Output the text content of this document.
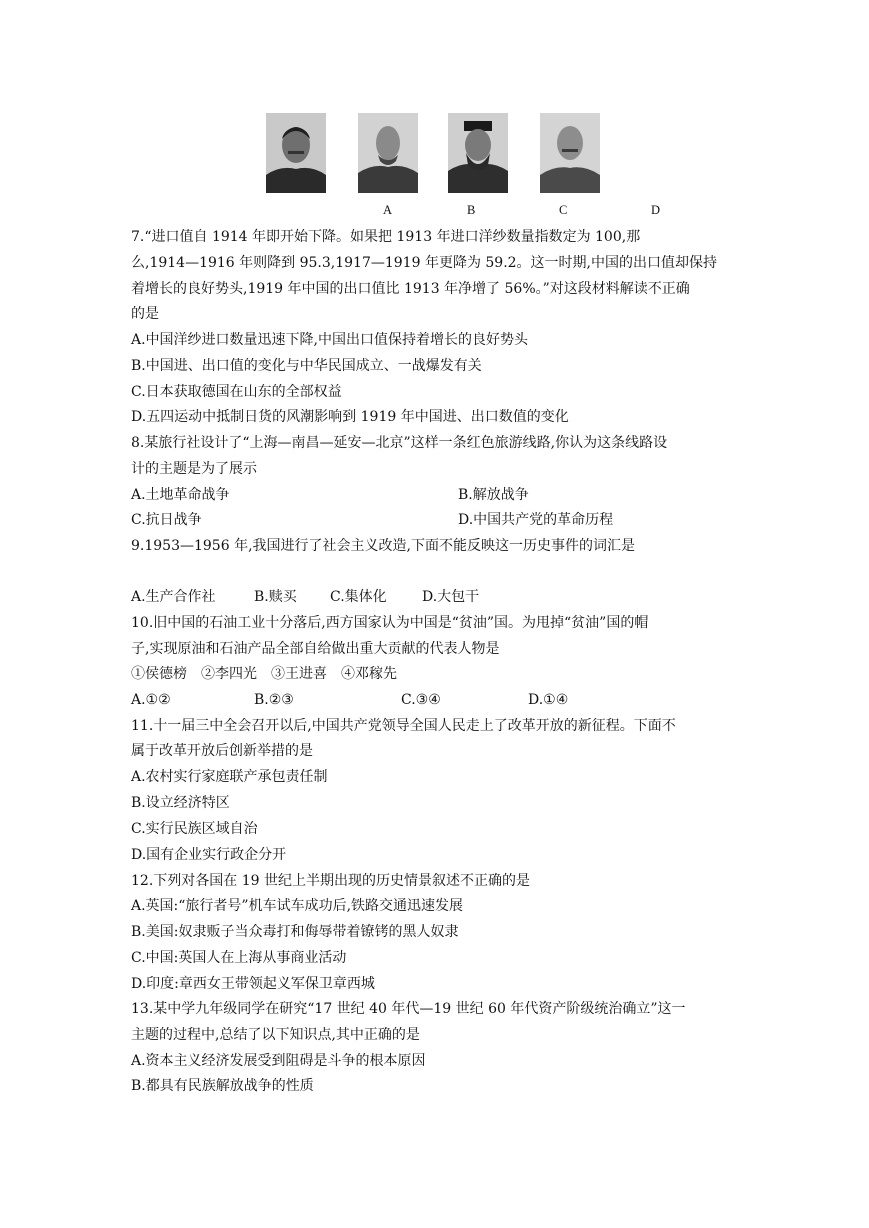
A	B	C	D
7.“进口值自 1914 年即开始下降。如果把 1913 年进口洋纱数量指数定为 100,那
么,1914—1916 年则降到 95.3,1917—1919 年更降为 59.2。这一时期,中国的出口值却保持
着增长的良好势头,1919 年中国的出口值比 1913 年净增了 56%。”对这段材料解读不正确
的是
A.中国洋纱进口数量迅速下降,中国出口值保持着增长的良好势头
B.中国进、出口值的变化与中华民国成立、一战爆发有关
C.日本获取德国在山东的全部权益
D.五四运动中抵制日货的风潮影响到 1919 年中国进、出口数值的变化
8.某旅行社设计了“上海—南昌—延安—北京”这样一条红色旅游线路,你认为这条线路设
计的主题是为了展示
A.土地革命战争	B.解放战争
C.抗日战争	D.中国共产党的革命历程
9.1953—1956 年,我国进行了社会主义改造,下面不能反映这一历史事件的词汇是
A.生产合作社	B.赎买 C.集体化	D.大包干
10.旧中国的石油工业十分落后,西方国家认为中国是“贫油”国。为甩掉“贫油”国的帽
子,实现原油和石油产品全部自给做出重大贡献的代表人物是
①侯德榜　②李四光　③王进喜　④邓稼先
A.①②	B.②③	C.③④	D.①④
11.十一届三中全会召开以后,中国共产党领导全国人民走上了改革开放的新征程。下面不
属于改革开放后创新举措的是
A.农村实行家庭联产承包责任制
B.设立经济特区
C.实行民族区域自治
D.国有企业实行政企分开
12.下列对各国在 19 世纪上半期出现的历史情景叙述不正确的是
A.英国:“旅行者号”机车试车成功后,铁路交通迅速发展
B.美国:奴隶贩子当众毒打和侮辱带着镣铐的黑人奴隶
C.中国:英国人在上海从事商业活动
D.印度:章西女王带领起义军保卫章西城
13.某中学九年级同学在研究“17 世纪 40 年代—19 世纪 60 年代资产阶级统治确立”这一
主题的过程中,总结了以下知识点,其中正确的是
A.资本主义经济发展受到阻碍是斗争的根本原因
B.都具有民族解放战争的性质
